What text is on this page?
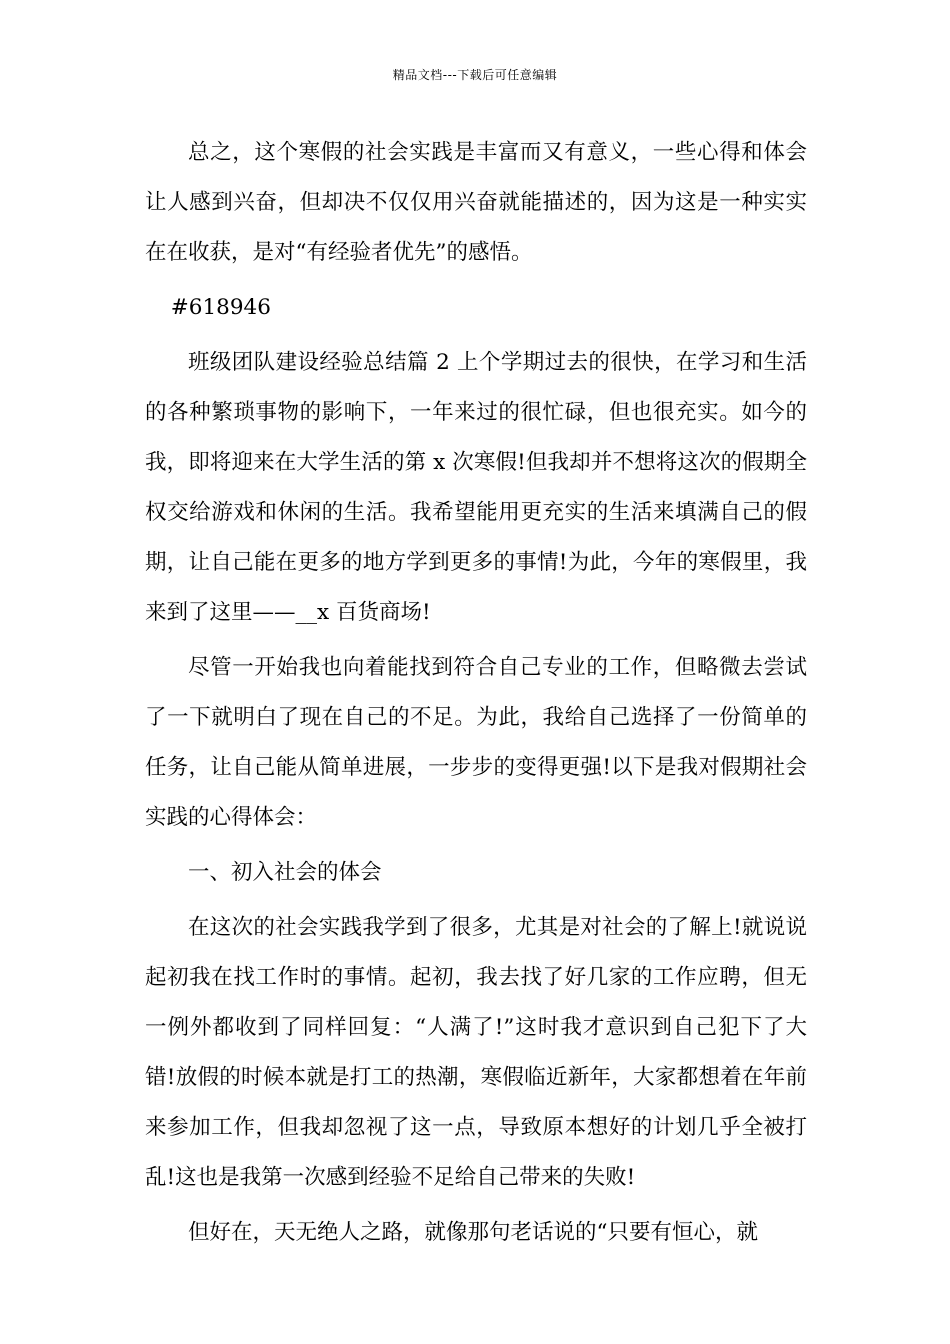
精品文档---下载后可任意编辑

总之，这个寒假的社会实践是丰富而又有意义，一些心得和体会让人感到兴奋，但却决不仅仅用兴奋就能描述的，因为这是一种实实在在收获，是对“有经验者优先”的感悟。

#618946

班级团队建设经验总结篇 2 上个学期过去的很快，在学习和生活的各种繁琐事物的影响下，一年来过的很忙碌，但也很充实。如今的我，即将迎来在大学生活的第 x 次寒假!但我却并不想将这次的假期全权交给游戏和休闲的生活。我希望能用更充实的生活来填满自己的假期，让自己能在更多的地方学到更多的事情!为此，今年的寒假里，我来到了这里——__x 百货商场!

尽管一开始我也向着能找到符合自己专业的工作，但略微去尝试了一下就明白了现在自己的不足。为此，我给自己选择了一份简单的任务，让自己能从简单进展，一步步的变得更强!以下是我对假期社会实践的心得体会：

一、初入社会的体会

在这次的社会实践我学到了很多，尤其是对社会的了解上!就说说起初我在找工作时的事情。起初，我去找了好几家的工作应聘，但无一例外都收到了同样回复：“人满了!”这时我才意识到自己犯下了大错!放假的时候本就是打工的热潮，寒假临近新年，大家都想着在年前来参加工作，但我却忽视了这一点，导致原本想好的计划几乎全被打乱!这也是我第一次感到经验不足给自己带来的失败!

但好在，天无绝人之路，就像那句老话说的“只要有恒心，就
